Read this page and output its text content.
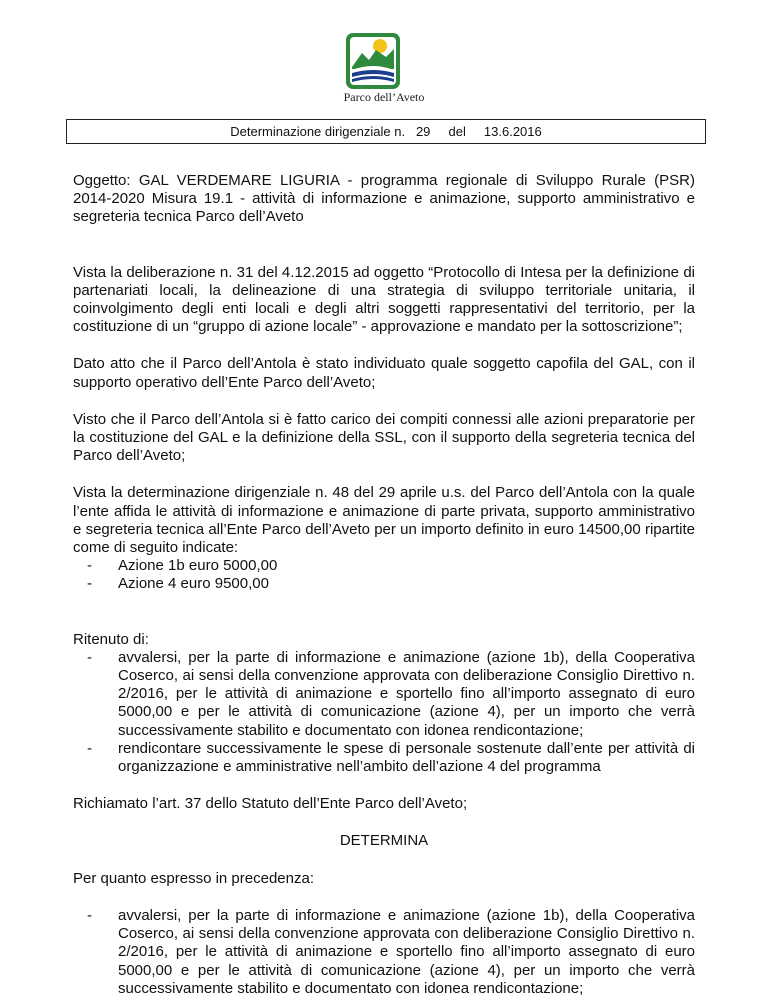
Parco dell’Aveto
Determinazione dirigenziale n.
29
del
13.6.2016

Oggetto: GAL VERDEMARE LIGURIA - programma regionale di Sviluppo Rurale (PSR) 2014-2020 Misura 19.1 - attività di informazione e animazione, supporto amministrativo e segreteria tecnica Parco dell’Aveto

Vista la deliberazione n. 31 del 4.12.2015 ad oggetto “Protocollo di Intesa per la definizione di partenariati locali, la delineazione di una strategia di sviluppo territoriale unitaria, il coinvolgimento degli enti locali e degli altri soggetti rappresentativi del territorio, per la costituzione di un “gruppo di azione locale” - approvazione e mandato per la sottoscrizione”;

Dato atto che il Parco dell’Antola è stato individuato quale soggetto capofila del GAL, con il supporto operativo dell’Ente Parco dell’Aveto;

Visto che il Parco dell’Antola si è fatto carico dei compiti connessi alle azioni preparatorie per la costituzione del GAL e la definizione della SSL, con il supporto della segreteria tecnica del Parco dell’Aveto;

Vista la determinazione dirigenziale n. 48 del 29 aprile u.s. del Parco dell’Antola con la quale l’ente affida le attività di informazione e animazione di parte privata, supporto amministrativo e segreteria tecnica all’Ente Parco dell’Aveto per un importo definito in euro 14500,00 ripartite come di seguito indicate:

- Azione 1b euro 5000,00
- Azione 4 euro 9500,00

Ritenuto di:

- avvalersi, per la parte di informazione e animazione (azione 1b), della Cooperativa Coserco, ai sensi della convenzione approvata con deliberazione Consiglio Direttivo n. 2/2016, per le attività di animazione e sportello fino all’importo assegnato di euro 5000,00 e per le attività di comunicazione (azione 4), per un importo che verrà successivamente stabilito e documentato con idonea rendicontazione;
- rendicontare successivamente le spese di personale sostenute dall’ente per attività di organizzazione e amministrative nell’ambito dell’azione 4 del programma

Richiamato l’art. 37 dello Statuto dell’Ente Parco dell’Aveto;

DETERMINA

Per quanto espresso in precedenza:

- avvalersi, per la parte di informazione e animazione (azione 1b), della Cooperativa Coserco, ai sensi della convenzione approvata con deliberazione Consiglio Direttivo n. 2/2016, per le attività di animazione e sportello fino all’importo assegnato di euro 5000,00 e per le attività di comunicazione (azione 4), per un importo che verrà successivamente stabilito e documentato con idonea rendicontazione;
